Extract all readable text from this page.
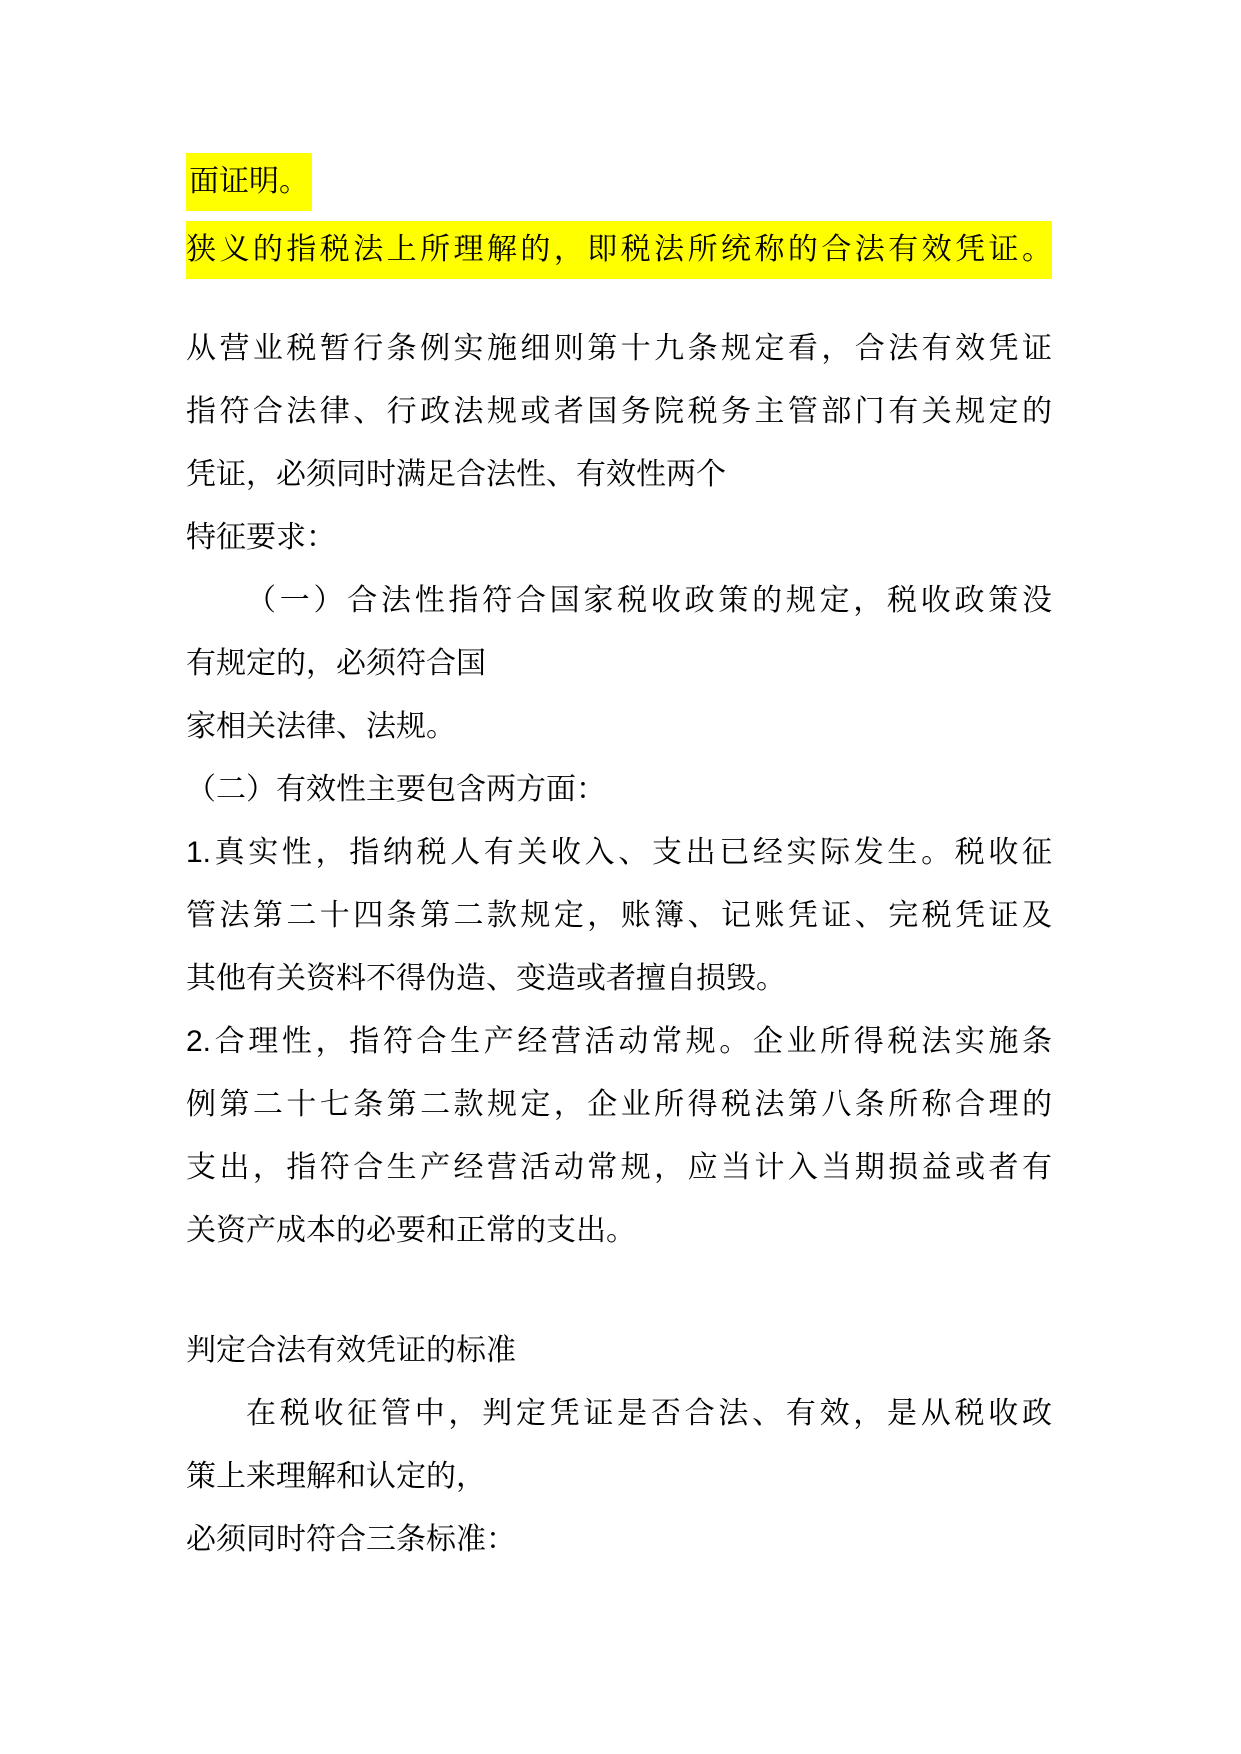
面证明。
狭义的指税法上所理解的，即税法所统称的合法有效凭证。
从营业税暂行条例实施细则第十九条规定看，合法有效凭证
指符合法律、行政法规或者国务院税务主管部门有关规定的
凭证，必须同时满足合法性、有效性两个
特征要求：
（一）合法性指符合国家税收政策的规定，税收政策没
有规定的，必须符合国
家相关法律、法规。
（二）有效性主要包含两方面：
1.真实性，指纳税人有关收入、支出已经实际发生。税收征
管法第二十四条第二款规定，账簿、记账凭证、完税凭证及
其他有关资料不得伪造、变造或者擅自损毁。
2.合理性，指符合生产经营活动常规。企业所得税法实施条
例第二十七条第二款规定，企业所得税法第八条所称合理的
支出，指符合生产经营活动常规，应当计入当期损益或者有
关资产成本的必要和正常的支出。
判定合法有效凭证的标准
在税收征管中，判定凭证是否合法、有效，是从税收政
策上来理解和认定的，
必须同时符合三条标准：
